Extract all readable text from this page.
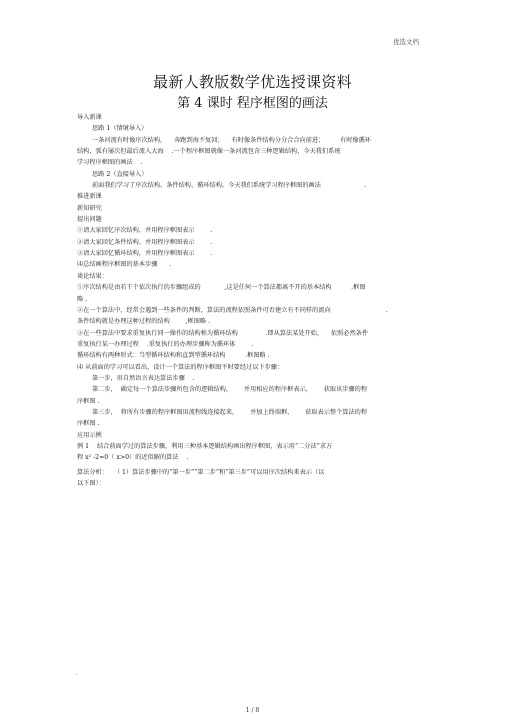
优选文档
最新人教版数学优选授课资料
第 4 课时 程序框图的画法
导入新课
思路 1（情境导入）
一条河流有时像序次结构，    奔跑到海不复回；    有时像条件结构分分合合向前进；        有时像循环
结构，弧有屡次但最后流入大海    .一个程序框图就像一条河流包含三种逻辑结构，今天我们系统
学习程序框图的画法    .
思路 2（直接导入）
前面我们学习了序次结构、条件结构、循环结构，今天我们系统学习程序框图的画法                      .
推进新课
新知研究
提出问题
①请大家回忆序次结构，并用程序框图表示        .
②请大家回忆条件结构，并用程序框图表示        .
③请大家回忆循环结构，并用程序框图表示        .
⑷总结画程序框图的基本步骤      .
谈论结果：
①序次结构是由若干个依次执行的步骤组成的            ,这是任何一个算法都离不开的基本结构          .框图
略 .
②在一个算法中，经常会遇到一些条件的判断，算法的流程依照条件可否建立有不同样的流向                            .
条件结构就是办理这种过程的结构        ,框图略 .
③在一些算法中要求重复执行同一操作的结构称为循环结构              .即从算法某处开始，    依照必然条件
重复执行某一办理过程    .重复执行的办理步骤称为循环体        .
循环结构有两种形式：当型循环结构和直到型循环结构          .框图略 .
⑷ 从前面的学习可以看出，设计一个算法的程序框图平时要经过以下步骤：
第一步，用自然语言表达算法步骤    .
第二步，  确定每一个算法步骤所包含的逻辑结构，      并用相应的程序框表示，      获取该步骤的程
序框图 .
第三步，  将所有步骤的程序框图用流程线连接起来，      并加上终端框，      获取表示整个算法的程
序框图 .
应用示例
例 1    结合前面学过的算法步骤，利用三种基本逻辑结构画出程序框图，表示用“二分法”求方
程 x² -2=0（ x>0）的近似解的算法    .
算法分析：   （ 1）算法步骤中的“第一步”“第二步”和“第三步”可以用序次结构来表示（以
以下图）：
.
1 / 8
